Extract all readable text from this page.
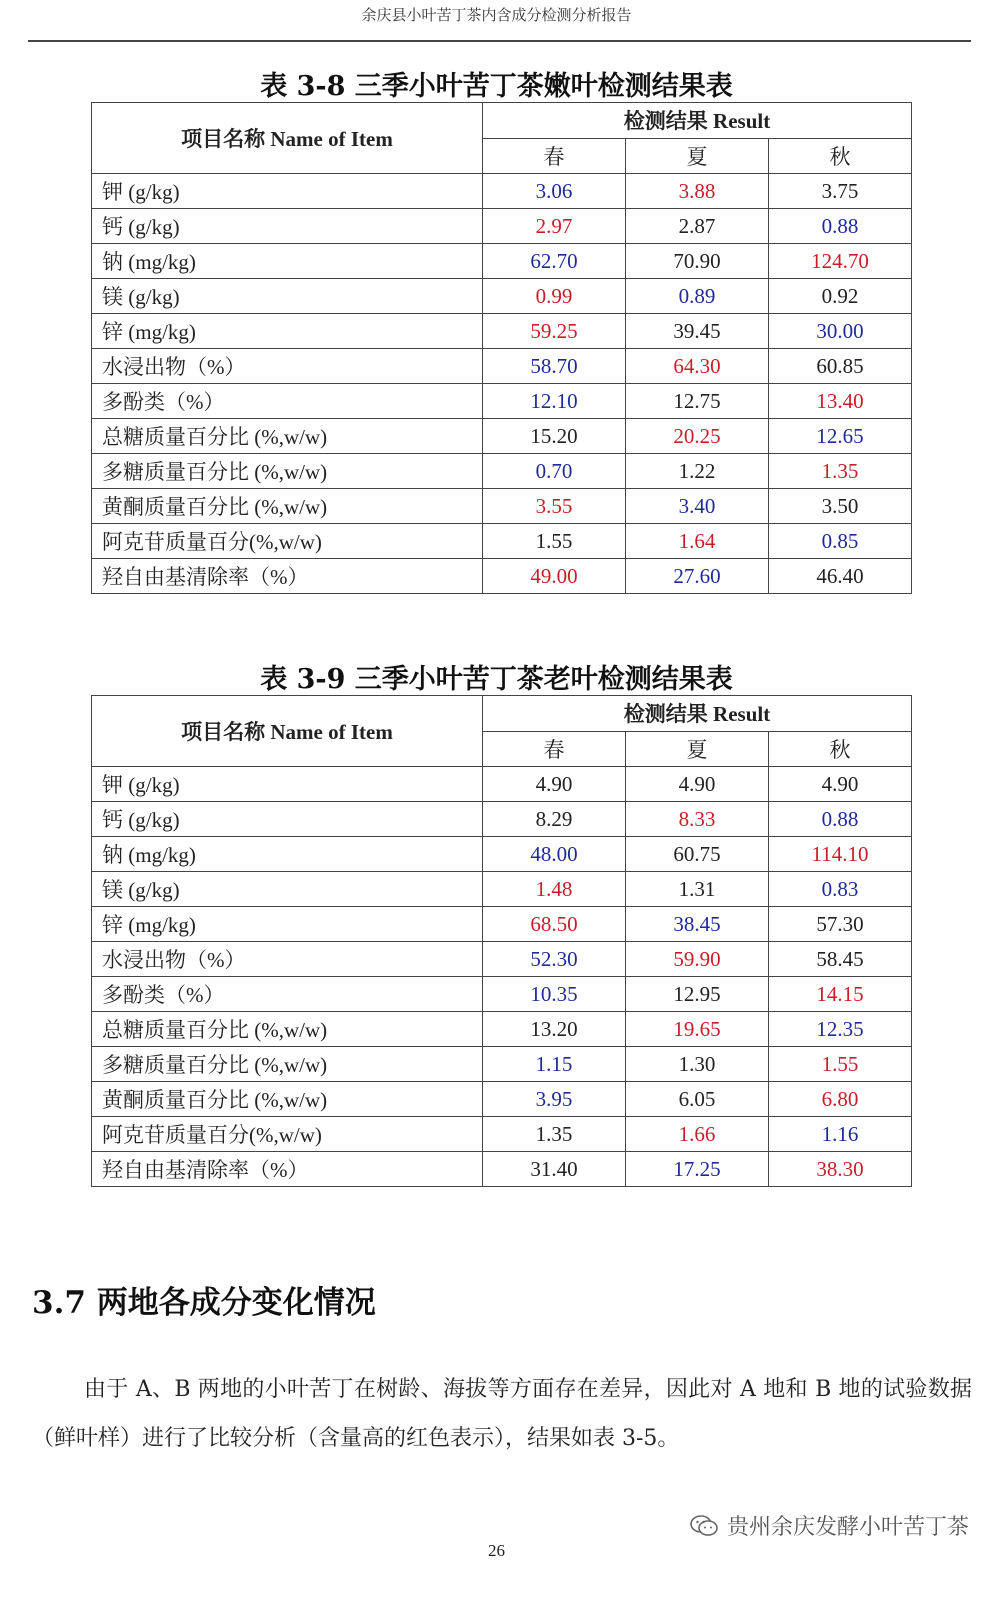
余庆县小叶苦丁茶内含成分检测分析报告
表 3-8 三季小叶苦丁茶嫩叶检测结果表
项目名称 Name of Item	检测结果 Result		
	春	夏	秋
钾 (g/kg)	3.06	3.88	3.75
钙 (g/kg)	2.97	2.87	0.88
钠 (mg/kg)	62.70	70.90	124.70
镁 (g/kg)	0.99	0.89	0.92
锌 (mg/kg)	59.25	39.45	30.00
水浸出物（%）	58.70	64.30	60.85
多酚类（%）	12.10	12.75	13.40
总糖质量百分比 (%,w/w)	15.20	20.25	12.65
多糖质量百分比 (%,w/w)	0.70	1.22	1.35
黄酮质量百分比 (%,w/w)	3.55	3.40	3.50
阿克苷质量百分(%,w/w)	1.55	1.64	0.85
羟自由基清除率（%）	49.00	27.60	46.40
表 3-9 三季小叶苦丁茶老叶检测结果表
项目名称 Name of Item	检测结果 Result		
	春	夏	秋
钾 (g/kg)	4.90	4.90	4.90
钙 (g/kg)	8.29	8.33	0.88
钠 (mg/kg)	48.00	60.75	114.10
镁 (g/kg)	1.48	1.31	0.83
锌 (mg/kg)	68.50	38.45	57.30
水浸出物（%）	52.30	59.90	58.45
多酚类（%）	10.35	12.95	14.15
总糖质量百分比 (%,w/w)	13.20	19.65	12.35
多糖质量百分比 (%,w/w)	1.15	1.30	1.55
黄酮质量百分比 (%,w/w)	3.95	6.05	6.80
阿克苷质量百分(%,w/w)	1.35	1.66	1.16
羟自由基清除率（%）	31.40	17.25	38.30
3.7 两地各成分变化情况

由于 A、B 两地的小叶苦丁在树龄、海拔等方面存在差异，因此对 A 地和 B 地的试验数据（鲜叶样）进行了比较分析（含量高的红色表示），结果如表 3-5。

贵州余庆发酵小叶苦丁茶
26
